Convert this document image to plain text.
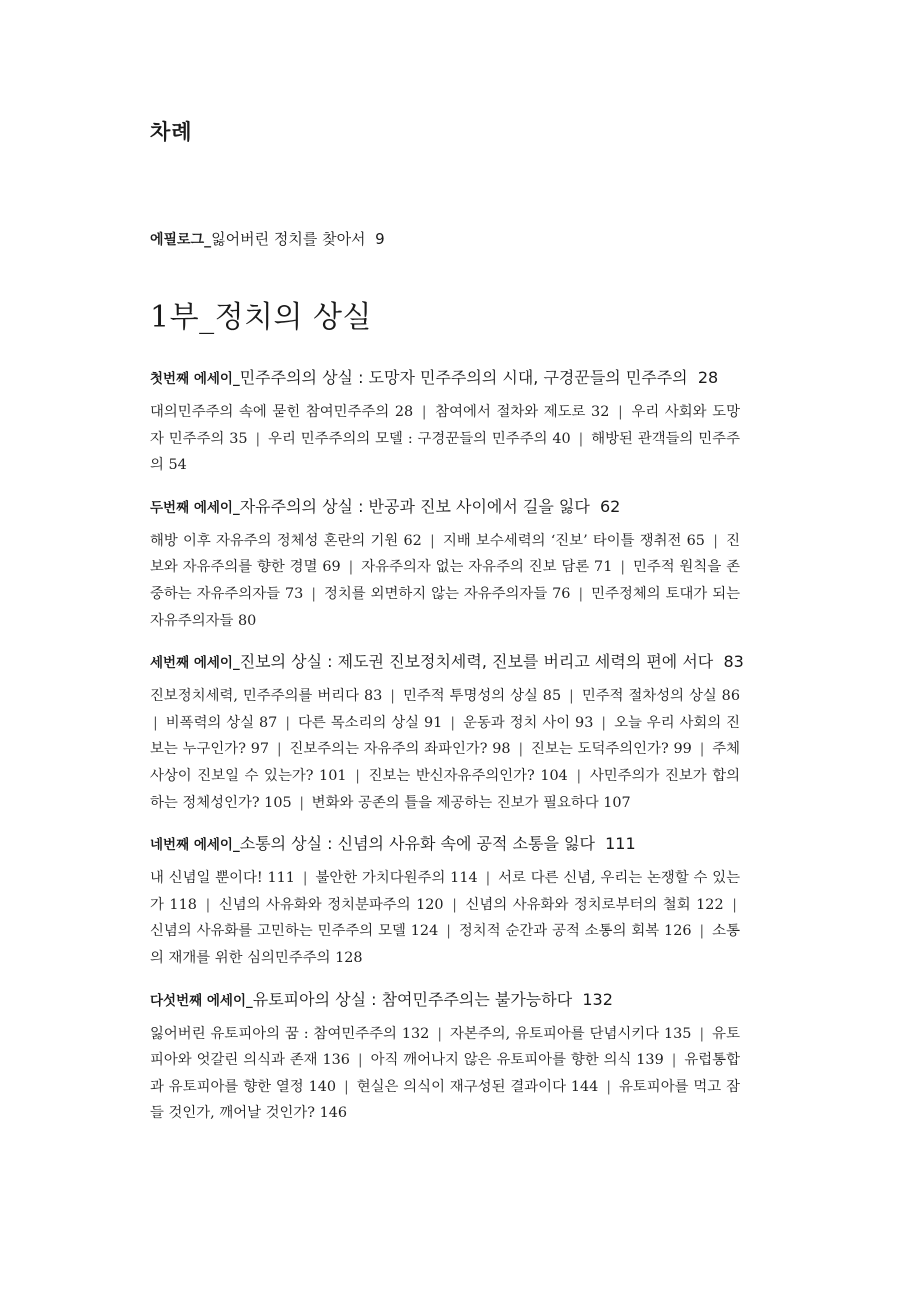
차례

에필로그_잃어버린 정치를 찾아서 9

1부_정치의 상실

첫번째 에세이_민주주의의 상실 : 도망자 민주주의의 시대, 구경꾼들의 민주주의 28

대의민주주의 속에 묻힌 참여민주주의 28 | 참여에서 절차와 제도로 32 | 우리 사회와 도망자 민주주의 35 | 우리 민주주의의 모델 : 구경꾼들의 민주주의 40 | 해방된 관객들의 민주주의 54

두번째 에세이_자유주의의 상실 : 반공과 진보 사이에서 길을 잃다 62

해방 이후 자유주의 정체성 혼란의 기원 62 | 지배 보수세력의 ‘진보’ 타이틀 쟁취전 65 | 진보와 자유주의를 향한 경멸 69 | 자유주의자 없는 자유주의 진보 담론 71 | 민주적 원칙을 존중하는 자유주의자들 73 | 정치를 외면하지 않는 자유주의자들 76 | 민주정체의 토대가 되는 자유주의자들 80

세번째 에세이_진보의 상실 : 제도권 진보정치세력, 진보를 버리고 세력의 편에 서다 83

진보정치세력, 민주주의를 버리다 83 | 민주적 투명성의 상실 85 | 민주적 절차성의 상실 86 | 비폭력의 상실 87 | 다른 목소리의 상실 91 | 운동과 정치 사이 93 | 오늘 우리 사회의 진보는 누구인가? 97 | 진보주의는 자유주의 좌파인가? 98 | 진보는 도덕주의인가? 99 | 주체사상이 진보일 수 있는가? 101 | 진보는 반신자유주의인가? 104 | 사민주의가 진보가 합의하는 정체성인가? 105 | 변화와 공존의 틀을 제공하는 진보가 필요하다 107

네번째 에세이_소통의 상실 : 신념의 사유화 속에 공적 소통을 잃다 111

내 신념일 뿐이다! 111 | 불안한 가치다원주의 114 | 서로 다른 신념, 우리는 논쟁할 수 있는가 118 | 신념의 사유화와 정치분파주의 120 | 신념의 사유화와 정치로부터의 철회 122 | 신념의 사유화를 고민하는 민주주의 모델 124 | 정치적 순간과 공적 소통의 회복 126 | 소통의 재개를 위한 심의민주주의 128

다섯번째 에세이_유토피아의 상실 : 참여민주주의는 불가능하다 132

잃어버린 유토피아의 꿈 : 참여민주주의 132 | 자본주의, 유토피아를 단념시키다 135 | 유토피아와 엇갈린 의식과 존재 136 | 아직 깨어나지 않은 유토피아를 향한 의식 139 | 유럽통합과 유토피아를 향한 열정 140 | 현실은 의식이 재구성된 결과이다 144 | 유토피아를 먹고 잠들 것인가, 깨어날 것인가? 146
